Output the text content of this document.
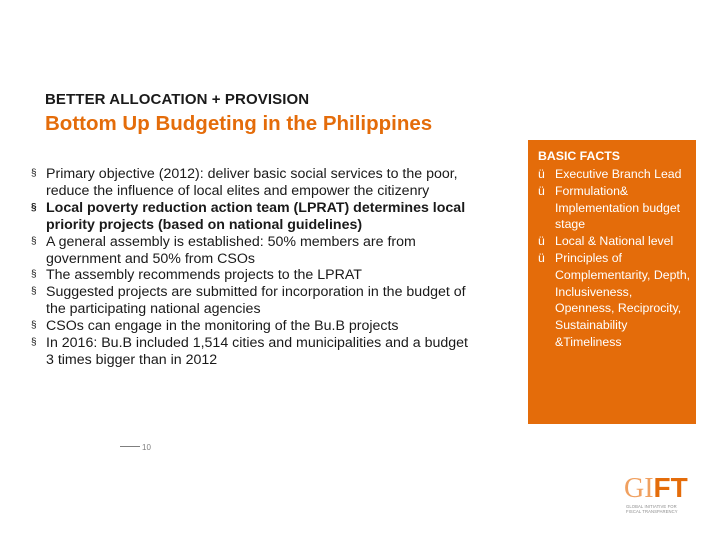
BETTER ALLOCATION + PROVISION
Bottom Up Budgeting in the Philippines
§ Primary objective (2012): deliver basic social services to the poor, reduce the influence of local elites and empower the citizenry
§ Local poverty reduction action team (LPRAT) determines local priority projects (based on national guidelines)
§ A general assembly is established: 50% members are from government and 50% from CSOs
§ The assembly recommends projects to the LPRAT
§ Suggested projects are submitted for incorporation in the budget of the participating national agencies
§ CSOs can engage in the monitoring of the Bu.B projects
§ In 2016: Bu.B included 1,514 cities and municipalities and a budget 3 times bigger than in 2012
10
BASIC FACTS
ü Executive Branch Lead
ü Formulation& Implementation budget stage
ü Local & National level
ü Principles of Complementarity, Depth, Inclusiveness, Openness, Reciprocity, Sustainability &Timeliness
GIFT
GLOBAL INITIATIVE FOR FISCAL TRANSPARENCY
